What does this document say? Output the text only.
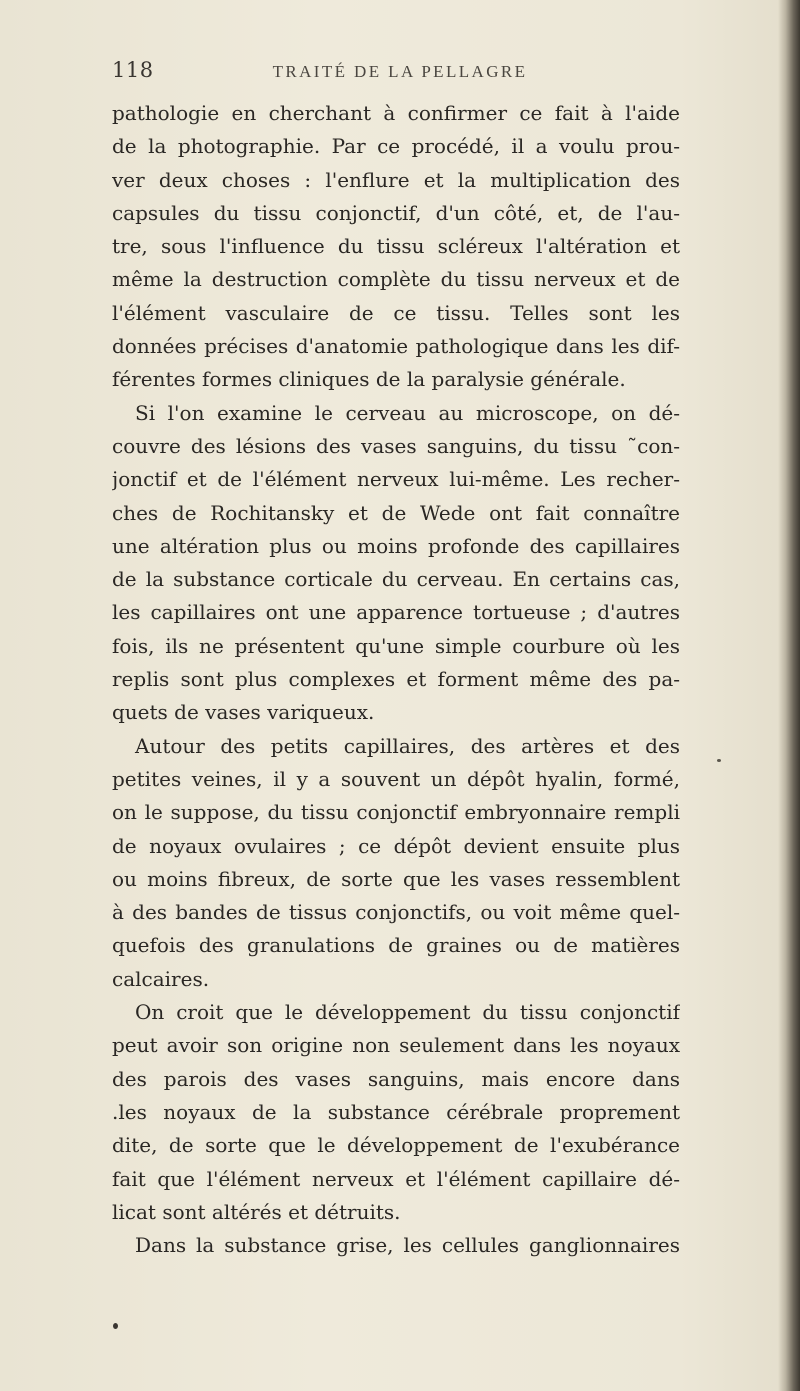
118	TRAITÉ DE LA PELLAGRE
pathologie en cherchant à confirmer ce fait à l'aide
de la photographie. Par ce procédé, il a voulu prou-
ver deux choses : l'enflure et la multiplication des
capsules du tissu conjonctif, d'un côté, et, de l'au-
tre, sous l'influence du tissu scléreux l'altération et
même la destruction complète du tissu nerveux et de
l'élément vasculaire de ce tissu. Telles sont les
données précises d'anatomie pathologique dans les dif-
férentes formes cliniques de la paralysie générale.
Si l'on examine le cerveau au microscope, on dé-
couvre des lésions des vases sanguins, du tissu ˜con-
jonctif et de l'élément nerveux lui-même. Les recher-
ches de Rochitansky et de Wede ont fait connaître
une altération plus ou moins profonde des capillaires
de la substance corticale du cerveau. En certains cas,
les capillaires ont une apparence tortueuse ; d'autres
fois, ils ne présentent qu'une simple courbure où les
replis sont plus complexes et forment même des pa-
quets de vases variqueux.
Autour des petits capillaires, des artères et des
petites veines, il y a souvent un dépôt hyalin, formé,
on le suppose, du tissu conjonctif embryonnaire rempli
de noyaux ovulaires ; ce dépôt devient ensuite plus
ou moins fibreux, de sorte que les vases ressemblent
à des bandes de tissus conjonctifs, ou voit même quel-
quefois des granulations de graines ou de matières
calcaires.
On croit que le développement du tissu conjonctif
peut avoir son origine non seulement dans les noyaux
des parois des vases sanguins, mais encore dans
.les noyaux de la substance cérébrale proprement
dite, de sorte que le développement de l'exubérance
fait que l'élément nerveux et l'élément capillaire dé-
licat sont altérés et détruits.
Dans la substance grise, les cellules ganglionnaires
